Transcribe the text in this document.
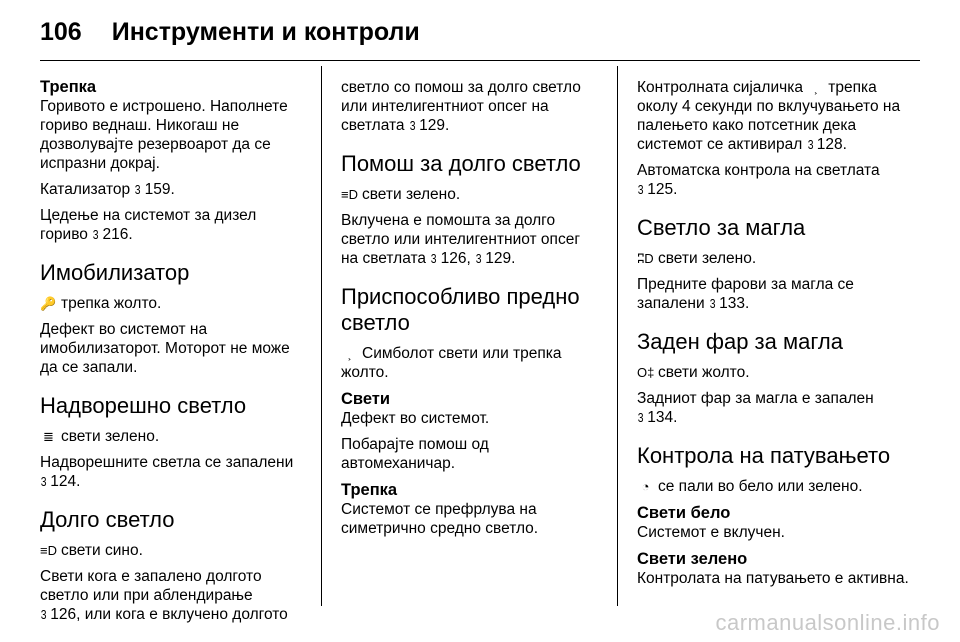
106 Инструменти и контроли
Трепка

Горивото е истрошено. Наполнете гориво веднаш. Никогаш не дозволувајте резервоарот да се испразни докрај.

Катализатор 3 159.

Цедење на системот за дизел гориво 3 216.

Имобилизатор

🔑 трепка жолто.

Дефект во системот на имобилизаторот. Моторот не може да се запали.

Надворешно светло

≣ свети зелено.

Надворешните светла се запалени
3 124.

Долго светло

≡D свети сино.

Свети кога е запалено долгото светло или при аблендирање
3 126, или кога е вклучено долгото

светло со помош за долго светло или интелигентниот опсег на светлата 3 129.

Помош за долго светло

≡D свети зелено.

Вклучена е помошта за долго светло или интелигентниот опсег на светлата 3 126, 3 129.

Приспособливо предно светло

˲ Симболот свети или трепка жолто.

Свети

Дефект во системот.

Побарајте помош од автомеханичар.

Трепка

Системот се префрлува на симетрично средно светло.

Контролната сијаличка ˲ трепка околу 4 секунди по вклучувањето на палењето како потсетник дека системот се активирал 3 128.

Автоматска контрола на светлата
3 125.

Светло за магла

ʭD свети зелено.

Предните фарови за магла се запалени 3 133.

Заден фар за магла

O‡ свети жолто.

Задниот фар за магла е запален
3 134.

Контрола на патувањето

◔ се пали во бело или зелено.

Свети бело

Системот е вклучен.

Свети зелено

Контролата на патувањето е активна.

carmanualsonline.info
